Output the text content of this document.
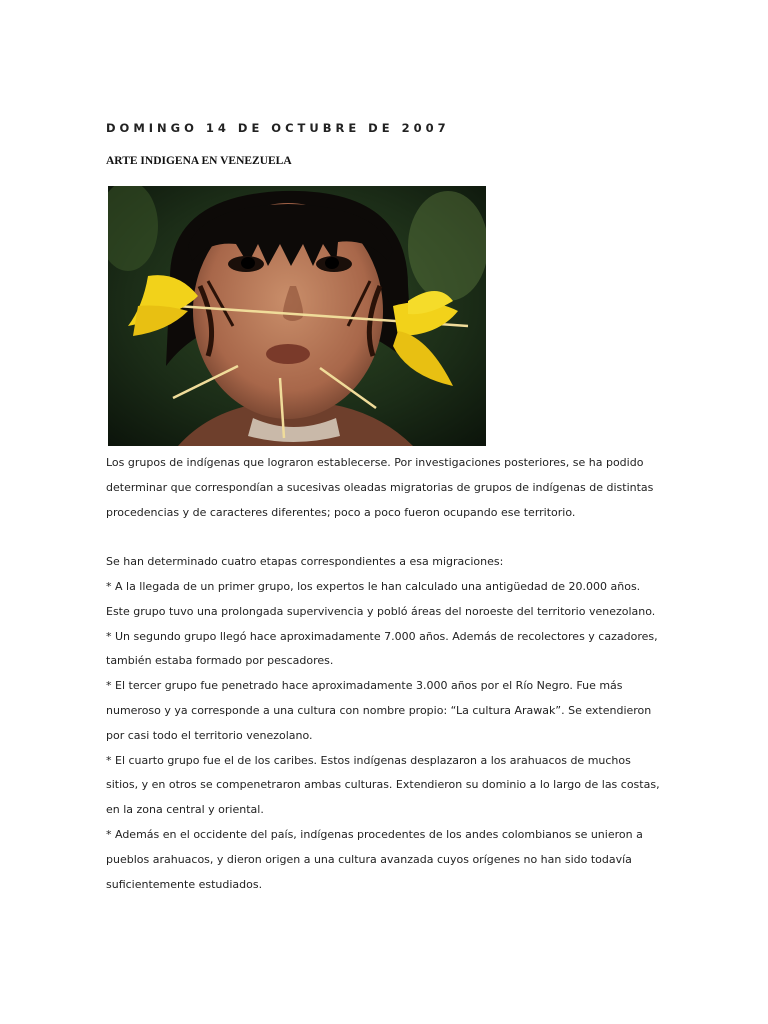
DOMINGO 14 DE OCTUBRE DE 2007
ARTE INDIGENA EN VENEZUELA

Los grupos de indígenas que lograron establecerse. Por investigaciones posteriores, se ha podido determinar que correspondían a sucesivas oleadas migratorias de grupos de indígenas de distintas procedencias y de caracteres diferentes; poco a poco fueron ocupando ese territorio.

Se han determinado cuatro etapas correspondientes a esa migraciones:

* A la llegada de un primer grupo, los expertos le han calculado una antigüedad de 20.000 años. Este grupo tuvo una prolongada supervivencia y pobló áreas del noroeste del territorio venezolano.

* Un segundo grupo llegó hace aproximadamente 7.000 años. Además de recolectores y cazadores, también estaba formado por pescadores.

* El tercer grupo fue penetrado hace aproximadamente 3.000 años por el Río Negro. Fue más numeroso y ya corresponde a una cultura con nombre propio: “La cultura Arawak”. Se extendieron por casi todo el territorio venezolano.

* El cuarto grupo fue el de los caribes. Estos indígenas desplazaron a los arahuacos de muchos sitios, y en otros se compenetraron ambas culturas. Extendieron su dominio a lo largo de las costas, en la zona central y oriental.

* Además en el occidente del país, indígenas procedentes de los andes colombianos se unieron a pueblos arahuacos, y dieron origen a una cultura avanzada cuyos orígenes no han sido todavía suficientemente estudiados.
